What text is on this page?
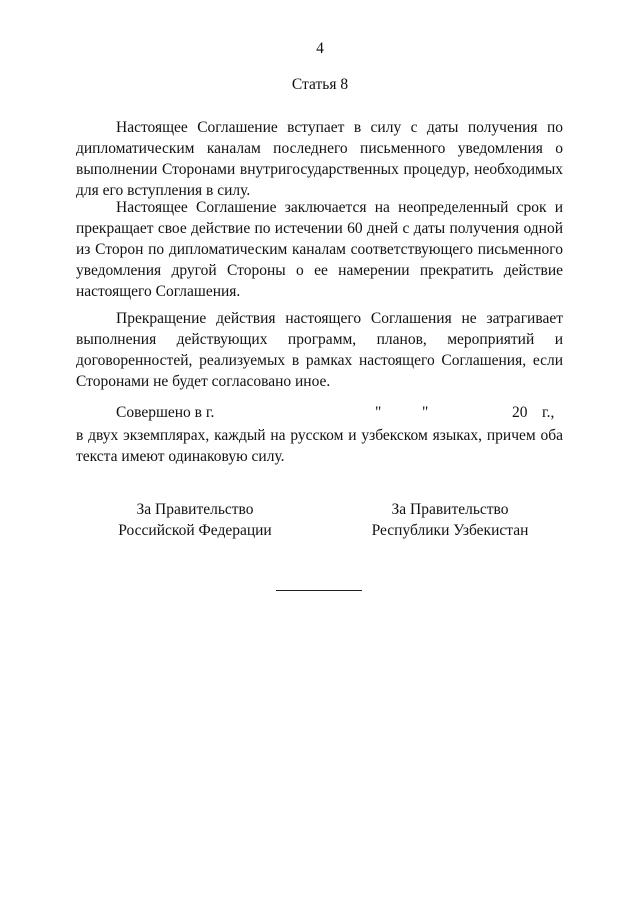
4
Статья 8

Настоящее Соглашение вступает в силу с даты получения по дипломатическим каналам последнего письменного уведомления о выполнении Сторонами внутригосударственных процедур, необходимых для его вступления в силу.

Настоящее Соглашение заключается на неопределенный срок и прекращает свое действие по истечении 60 дней с даты получения одной из Сторон по дипломатическим каналам соответствующего письменного уведомления другой Стороны о ее намерении прекратить действие настоящего Соглашения.

Прекращение действия настоящего Соглашения не затрагивает выполнения действующих программ, планов, мероприятий и договоренностей, реализуемых в рамках настоящего Соглашения, если Сторонами не будет согласовано иное.

Совершено в г.	"	"	20 г.,

в двух экземплярах, каждый на русском и узбекском языках, причем оба текста имеют одинаковую силу.

За Правительство
Российской Федерации
За Правительство
Республики Узбекистан
